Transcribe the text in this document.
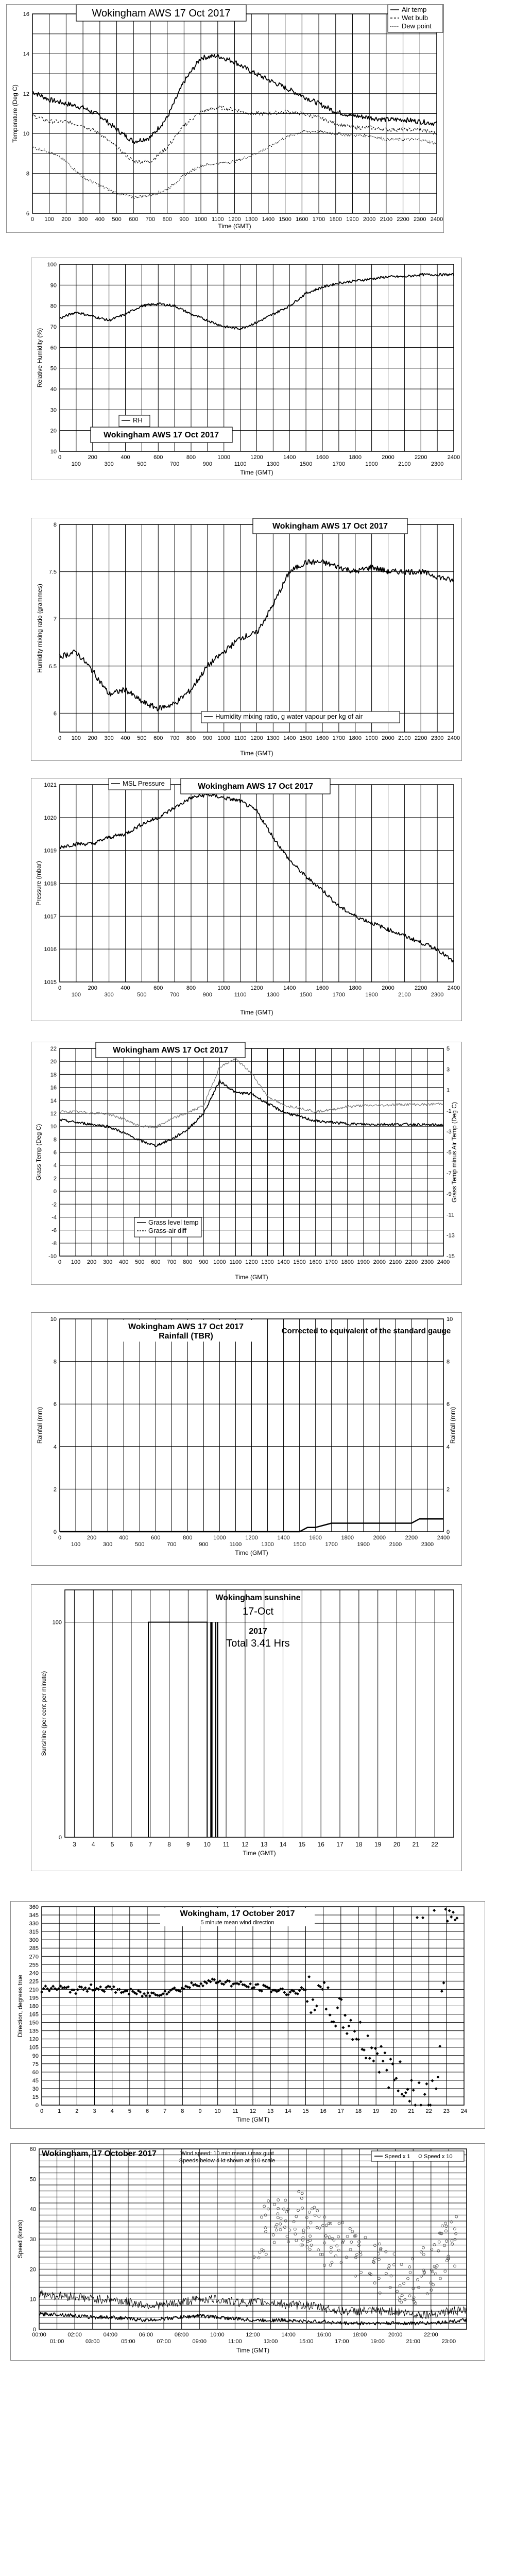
6
8
10
12
14
16
0 100 200 300 400 500 600 700 800 900 1000 1100 1200 1300 1400 1500 1600 1700 1800 1900 2000 2100 2200 2300 2400
Time (GMT)
Temperature (Deg C)
Wokingham AWS 17 Oct 2017	Air temp
Wet bulb
Dew point
10
20
30
40
50
60
70
80
90
100
0	200	400	600	800	1000	1200	1400	1600	1800	2000	2200	2400
100	300	500	700	900	1100	1300	1500	1700	1900	2100	2300
Time (GMT)
Relative Humidity (%)
RH
Wokingham AWS 17 Oct 2017
6
6.5
7
7.5
8
0 100 200 300 400 500 600 700 800 900 1000 1100 1200 1300 1400 1500 1600 1700 1800 1900 2000 2100 2200 2300 2400
Time (GMT)
Humidity mixing ratio (grammes)
Wokingham AWS 17 Oct 2017
Humidity mixing ratio, g water vapour per kg of air
1015
1016
1017
1018
1019
1020
1021
0	200	400	600	800	1000	1200	1400	1600	1800	2000	2200	2400
100	300	500	700	900	1100	1300	1500	1700	1900	2100	2300
Time (GMT)
Pressure (mbar)
MSL Pressure	Wokingham AWS 17 Oct 2017
-10
-8
-6
-4
-2
0
2
4
6
8
10
12
14
16
18
20
22
-15
-13
-11
-9
-7
-5
-3
-1
1
3
5
0 100 200 300 400 500 600 700 800 900 1000 1100 1200 1300 1400 1500 1600 1700 1800 1900 2000 2100 2200 2300 2400
Time (GMT)
Grass Temp (Deg C)	Grass Temp minus Air Temp (Deg C)
Wokingham AWS 17 Oct 2017
Grass level temp
Grass-air diff
0	0
2	2
4	4
6	6
8	8
10	10
0	200	400	600	800	1000	1200	1400	1600	1800	2000	2200	2400
100	300	500	700	900	1100	1300	1500	1700	1900	2100	2300
Time (GMT)
Rainfall (mm)	Rainfall (mm)
Wokingham AWS 17 Oct 2017
Rainfall (TBR)
Corrected to equivalent of the standard gauge
0
100
3	4	5	6	7	8	9 10 11 12 13 14 15 16 17 18 19 20 21 22
Time (GMT)
Sunshine (per cent per minute)
Wokingham sunshine
17-Oct
2017
Total 3.41 Hrs
0
15
30
45
60
75
90
105
120
135
150
165
180
195
210
225
240
255
270
285
300
315
330
345
360
0	1	2	3	4	5	6	7	8	9 10 11 12 13 14 15 16 17 18 19 20 21 22 23 24
Time (GMT)
Direction, degrees true
Wokingham, 17 October 2017
5 minute mean wind direction
0
10
20
30
40
50
60
00:00	02:00	04:00	06:00	08:00	10:00	12:00	14:00	16:00	18:00	20:00	22:00
01:00	03:00	05:00	07:00	09:00	11:00	13:00	15:00	17:00	19:00	21:00	23:00
Time (GMT)
Speed (knots)
Wokingham, 17 October 2017	Wind speed: 10 min mean / max gust
Speeds below 4 kt shown at x10 scale
Speed x 1 Speed x 10
